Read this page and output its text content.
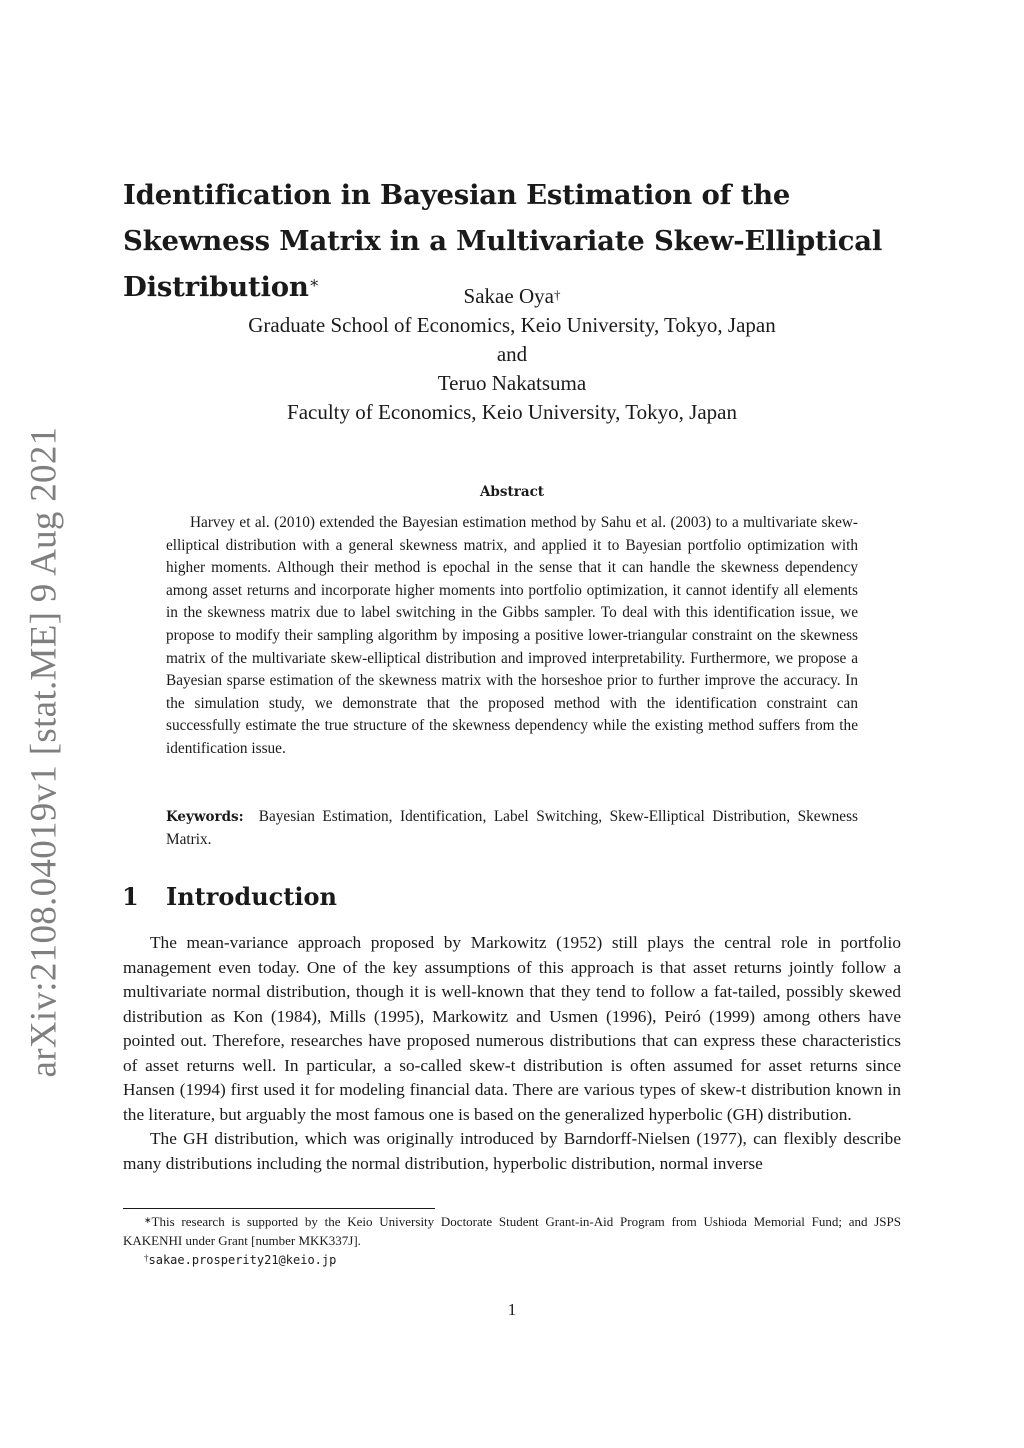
arXiv:2108.04019v1 [stat.ME] 9 Aug 2021
Identification in Bayesian Estimation of the Skewness Matrix in a Multivariate Skew-Elliptical Distribution∗
Sakae Oya†
Graduate School of Economics, Keio University, Tokyo, Japan
and
Teruo Nakatsuma
Faculty of Economics, Keio University, Tokyo, Japan
Abstract

Harvey et al. (2010) extended the Bayesian estimation method by Sahu et al. (2003) to a multivariate skew-elliptical distribution with a general skewness matrix, and applied it to Bayesian portfolio optimization with higher moments. Although their method is epochal in the sense that it can handle the skewness dependency among asset returns and incorporate higher moments into portfolio optimization, it cannot identify all elements in the skewness matrix due to label switching in the Gibbs sampler. To deal with this identification issue, we propose to modify their sampling algorithm by imposing a positive lower-triangular constraint on the skewness matrix of the multivariate skew-elliptical distribution and improved interpretability. Furthermore, we propose a Bayesian sparse estimation of the skewness matrix with the horseshoe prior to further improve the accuracy. In the simulation study, we demonstrate that the proposed method with the identification constraint can successfully estimate the true structure of the skewness dependency while the existing method suffers from the identification issue.

Keywords: Bayesian Estimation, Identification, Label Switching, Skew-Elliptical Distribution, Skewness Matrix.

1 Introduction

The mean-variance approach proposed by Markowitz (1952) still plays the central role in portfolio management even today. One of the key assumptions of this approach is that asset returns jointly follow a multivariate normal distribution, though it is well-known that they tend to follow a fat-tailed, possibly skewed distribution as Kon (1984), Mills (1995), Markowitz and Usmen (1996), Peiró (1999) among others have pointed out. Therefore, researches have proposed numerous distributions that can express these characteristics of asset returns well. In particular, a so-called skew-t distribution is often assumed for asset returns since Hansen (1994) first used it for modeling financial data. There are various types of skew-t distribution known in the literature, but arguably the most famous one is based on the generalized hyperbolic (GH) distribution.

The GH distribution, which was originally introduced by Barndorff-Nielsen (1977), can flexibly describe many distributions including the normal distribution, hyperbolic distribution, normal inverse

∗This research is supported by the Keio University Doctorate Student Grant-in-Aid Program from Ushioda Memorial Fund; and JSPS KAKENHI under Grant [number MKK337J].

†sakae.prosperity21@keio.jp

1
